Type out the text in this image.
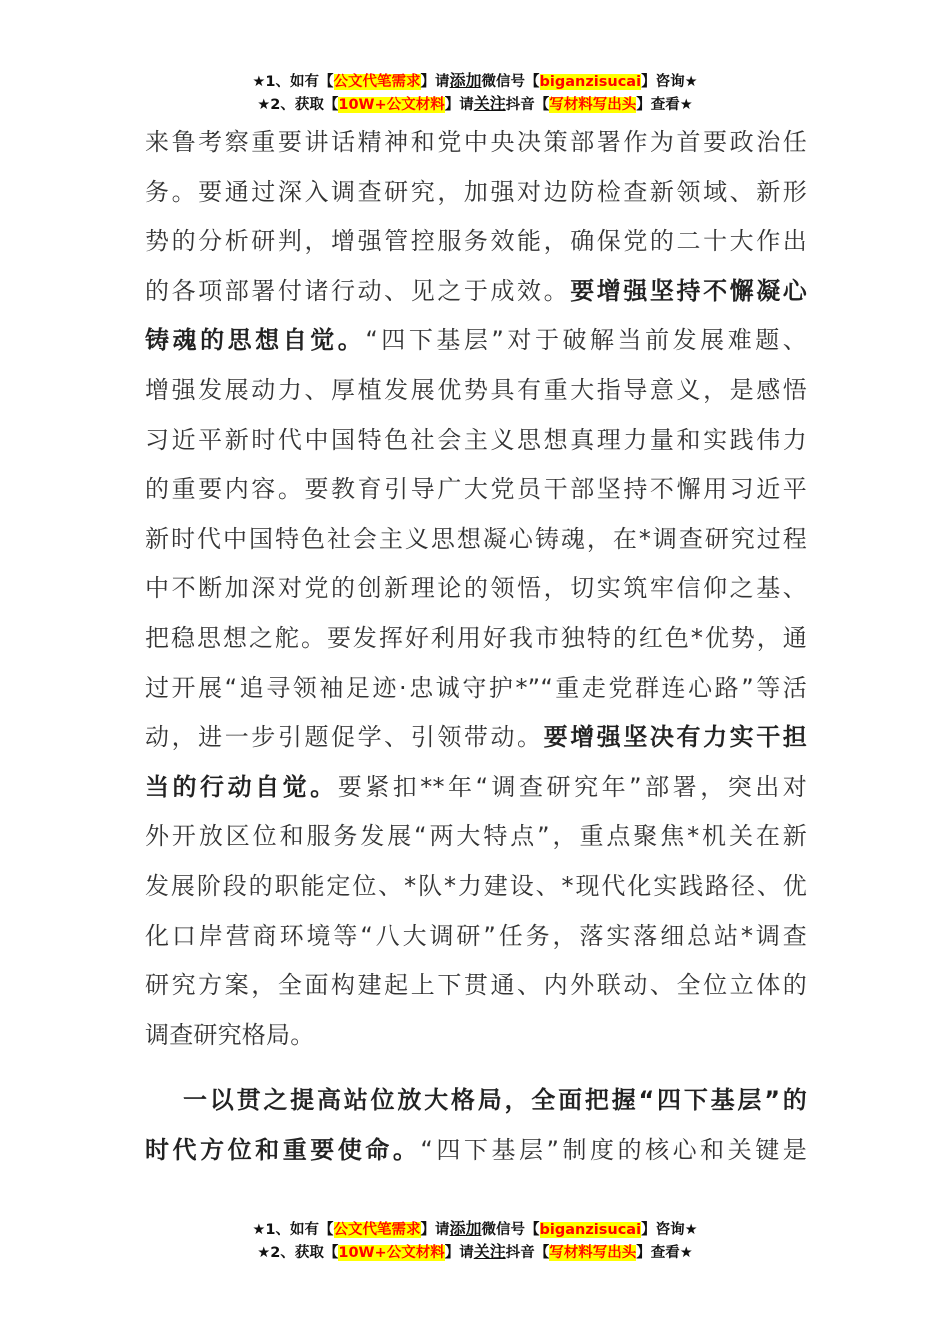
★1、如有【公文代笔需求】请添加微信号【biganzisucai】咨询★
★2、获取【10W+公文材料】请关注抖音【写材料写出头】查看★
来鲁考察重要讲话精神和党中央决策部署作为首要政治任
务。要通过深入调查研究，加强对边防检查新领域、新形
势的分析研判，增强管控服务效能，确保党的二十大作出
的各项部署付诸行动、见之于成效。要增强坚持不懈凝心
铸魂的思想自觉。“四下基层”对于破解当前发展难题、
增强发展动力、厚植发展优势具有重大指导意义，是感悟
习近平新时代中国特色社会主义思想真理力量和实践伟力
的重要内容。要教育引导广大党员干部坚持不懈用习近平
新时代中国特色社会主义思想凝心铸魂，在*调查研究过程
中不断加深对党的创新理论的领悟，切实筑牢信仰之基、
把稳思想之舵。要发挥好利用好我市独特的红色*优势，通
过开展“追寻领袖足迹·忠诚守护*”“重走党群连心路”等活
动，进一步引题促学、引领带动。要增强坚决有力实干担
当的行动自觉。要紧扣**年“调查研究年”部署，突出对
外开放区位和服务发展“两大特点”，重点聚焦*机关在新
发展阶段的职能定位、*队*力建设、*现代化实践路径、优
化口岸营商环境等“八大调研”任务，落实落细总站*调查
研究方案，全面构建起上下贯通、内外联动、全位立体的
调查研究格局。
一以贯之提高站位放大格局，全面把握“四下基层”的
时代方位和重要使命。“四下基层”制度的核心和关键是
★1、如有【公文代笔需求】请添加微信号【biganzisucai】咨询★
★2、获取【10W+公文材料】请关注抖音【写材料写出头】查看★
